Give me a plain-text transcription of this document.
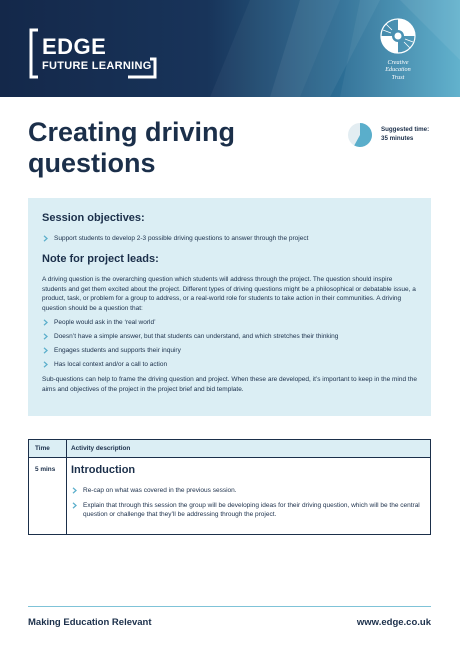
EDGE
FUTURE LEARNING	Creative
Education
Trust
Creating driving
questions
Suggested time:
35 minutes
Session objectives:
Support students to develop 2-3 possible driving questions to answer through the project
Note for project leads:
A driving question is the overarching question which students will address through the project. The question should inspire students and get them excited about the project. Different types of driving questions might be a philosophical or debatable issue, a product, task, or problem for a group to address, or a real-world role for students to take action in their communities. A driving question should be a question that:
People would ask in the ‘real world’
Doesn’t have a simple answer, but that students can understand, and which stretches their thinking
Engages students and supports their inquiry
Has local context and/or a call to action
Sub-questions can help to frame the driving question and project. When these are developed, it’s important to keep in the mind the aims and objectives of the project in the project brief and bid template.
Time	Activity description
5 mins Introduction
Re-cap on what was covered in the previous session.
Explain that through this session the group will be developing ideas for their driving question, which will be the central question or challenge that they’ll be addressing through the project.
Making Education Relevant	www.edge.co.uk
